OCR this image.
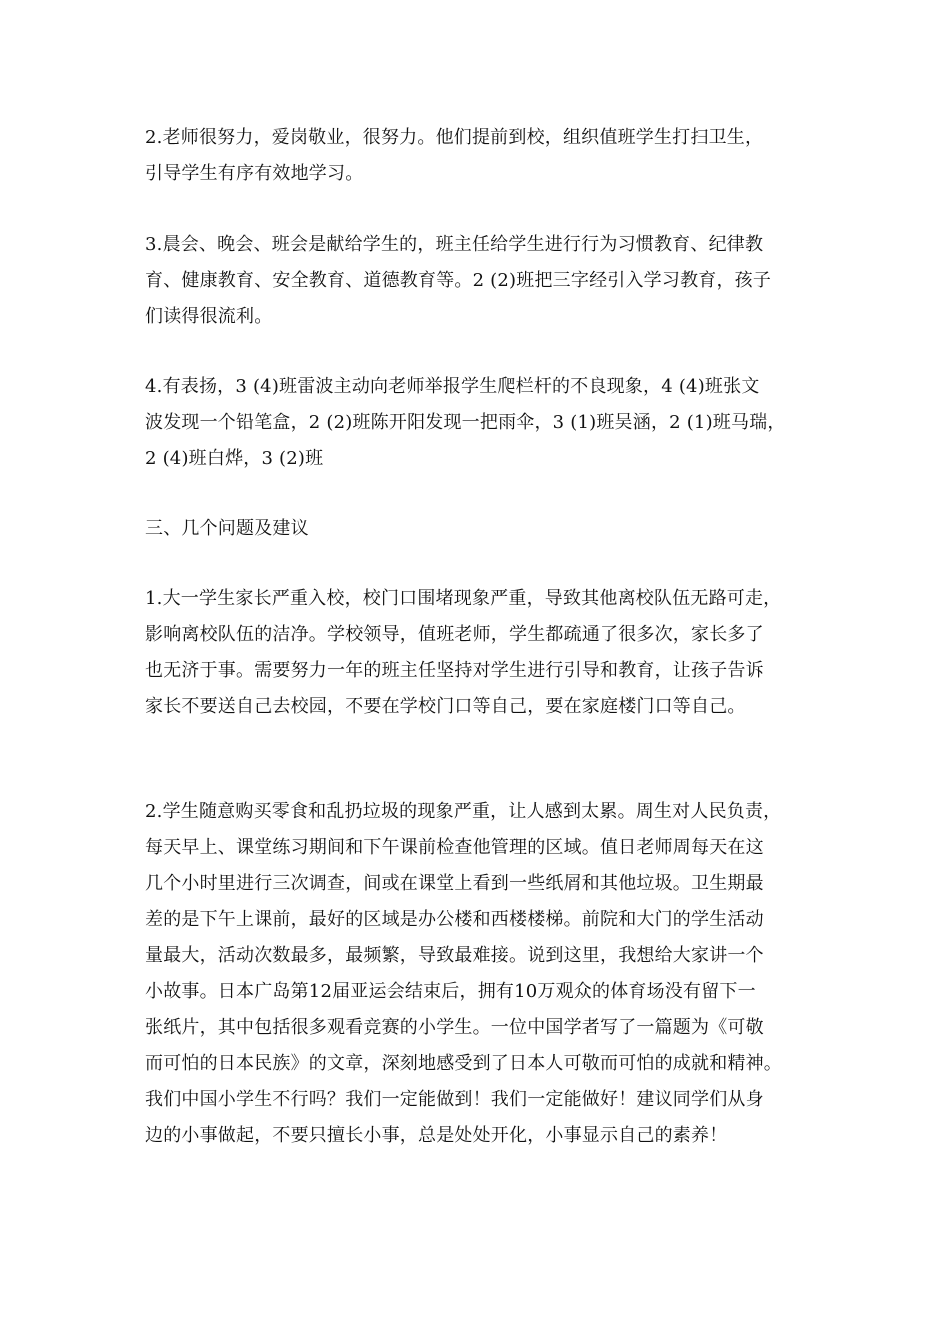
2.老师很努力，爱岗敬业，很努力。他们提前到校，组织值班学生打扫卫生，
引导学生有序有效地学习。
3.晨会、晚会、班会是献给学生的，班主任给学生进行行为习惯教育、纪律教
育、健康教育、安全教育、道德教育等。2 (2)班把三字经引入学习教育，孩子
们读得很流利。
4.有表扬，3 (4)班雷波主动向老师举报学生爬栏杆的不良现象，4 (4)班张文
波发现一个铅笔盒，2 (2)班陈开阳发现一把雨伞，3 (1)班吴涵，2 (1)班马瑞，
2 (4)班白烨，3 (2)班
三、几个问题及建议
1.大一学生家长严重入校，校门口围堵现象严重，导致其他离校队伍无路可走，
影响离校队伍的洁净。学校领导，值班老师，学生都疏通了很多次，家长多了
也无济于事。需要努力一年的班主任坚持对学生进行引导和教育，让孩子告诉
家长不要送自己去校园，不要在学校门口等自己，要在家庭楼门口等自己。
2.学生随意购买零食和乱扔垃圾的现象严重，让人感到太累。周生对人民负责，
每天早上、课堂练习期间和下午课前检查他管理的区域。值日老师周每天在这
几个小时里进行三次调查，间或在课堂上看到一些纸屑和其他垃圾。卫生期最
差的是下午上课前，最好的区域是办公楼和西楼楼梯。前院和大门的学生活动
量最大，活动次数最多，最频繁，导致最难接。说到这里，我想给大家讲一个
小故事。日本广岛第12届亚运会结束后，拥有10万观众的体育场没有留下一
张纸片，其中包括很多观看竞赛的小学生。一位中国学者写了一篇题为《可敬
而可怕的日本民族》的文章，深刻地感受到了日本人可敬而可怕的成就和精神。
我们中国小学生不行吗？我们一定能做到！我们一定能做好！建议同学们从身
边的小事做起，不要只擅长小事，总是处处开化，小事显示自己的素养！
